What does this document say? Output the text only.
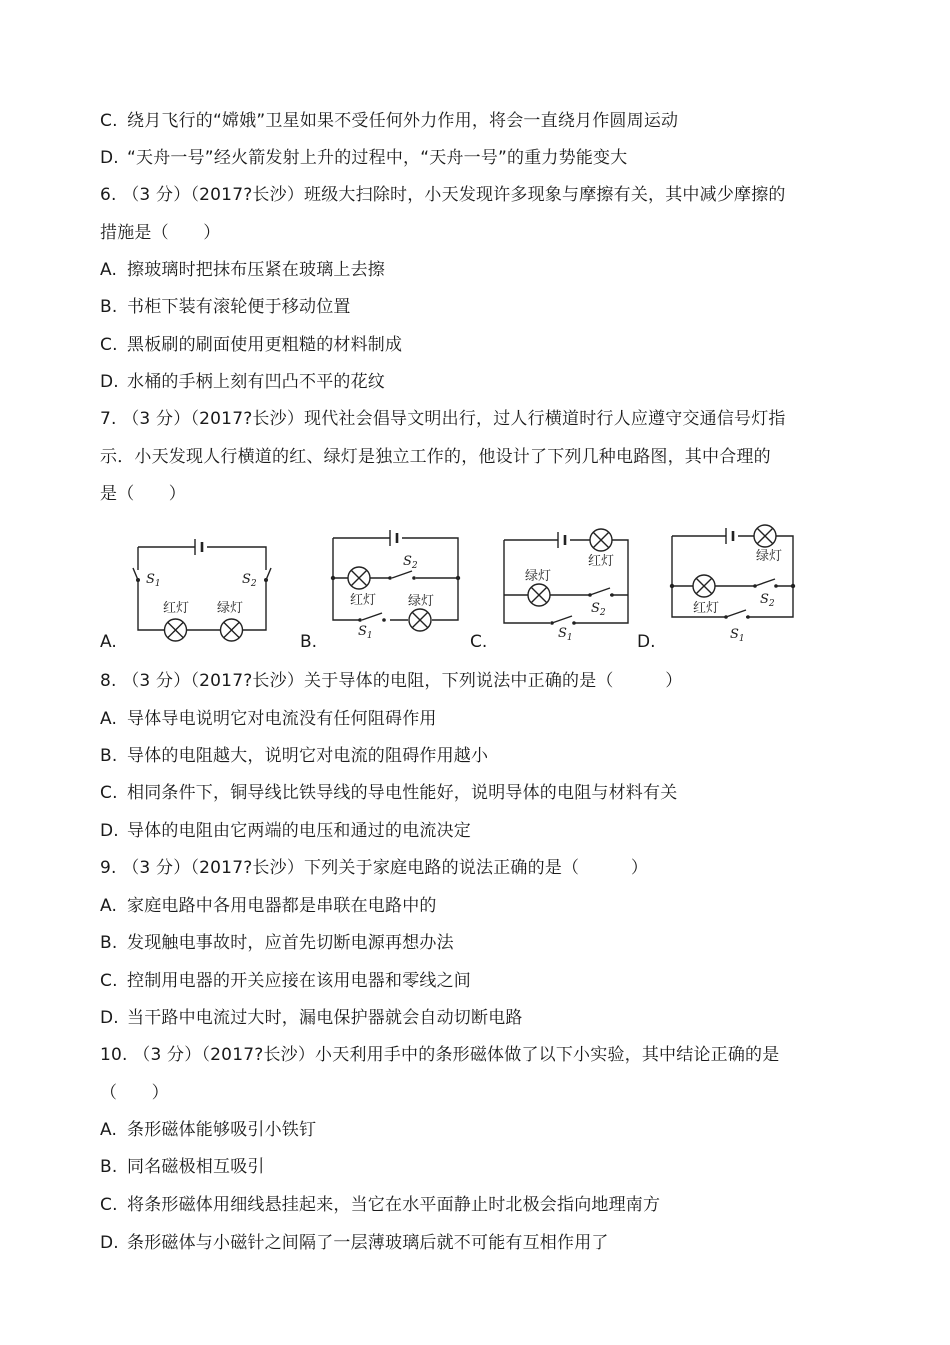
C. 绕月飞行的“嫦娥”卫星如果不受任何外力作用，将会一直绕月作圆周运动
D. “天舟一号”经火箭发射上升的过程中，“天舟一号”的重力势能变大
6. （3 分）（2017?长沙）班级大扫除时，小天发现许多现象与摩擦有关，其中减少摩擦的
措施是（　　）
A. 擦玻璃时把抹布压紧在玻璃上去擦
B. 书柜下装有滚轮便于移动位置
C. 黑板刷的刷面使用更粗糙的材料制成
D. 水桶的手柄上刻有凹凸不平的花纹
7. （3 分）（2017?长沙）现代社会倡导文明出行，过人行横道时行人应遵守交通信号灯指
示．小天发现人行横道的红、绿灯是独立工作的，他设计了下列几种电路图，其中合理的
是（　　）
A.	B.	C.	D.
$S_1$	$S_2$
红灯 绿灯
$S_2$
红灯 绿灯
$S_1$
红灯
绿灯
$S_2$
$S_1$
绿灯
红灯
$S_2$
$S_1$
8. （3 分）（2017?长沙）关于导体的电阻，下列说法中正确的是（　　　）
A. 导体导电说明它对电流没有任何阻碍作用
B. 导体的电阻越大，说明它对电流的阻碍作用越小
C. 相同条件下，铜导线比铁导线的导电性能好，说明导体的电阻与材料有关
D. 导体的电阻由它两端的电压和通过的电流决定
9. （3 分）（2017?长沙）下列关于家庭电路的说法正确的是（　　　）
A. 家庭电路中各用电器都是串联在电路中的
B. 发现触电事故时，应首先切断电源再想办法
C. 控制用电器的开关应接在该用电器和零线之间
D. 当干路中电流过大时，漏电保护器就会自动切断电路
10. （3 分）（2017?长沙）小天利用手中的条形磁体做了以下小实验，其中结论正确的是
（　　）
A. 条形磁体能够吸引小铁钉
B. 同名磁极相互吸引
C. 将条形磁体用细线悬挂起来，当它在水平面静止时北极会指向地理南方
D. 条形磁体与小磁针之间隔了一层薄玻璃后就不可能有互相作用了
